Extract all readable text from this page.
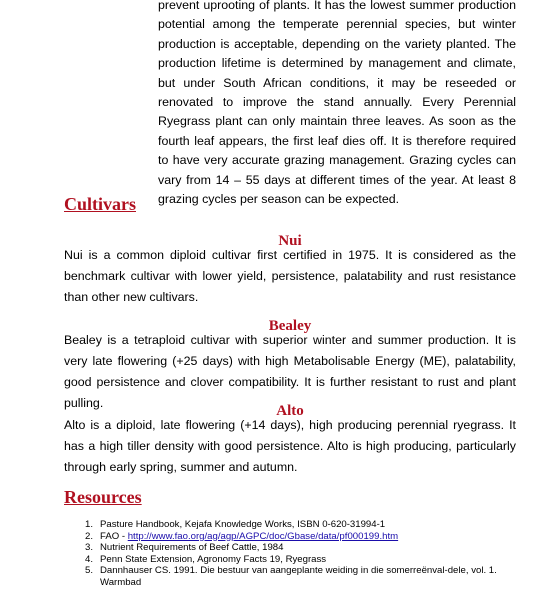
prevent uprooting of plants. It has the lowest summer production potential among the temperate perennial species, but winter production is acceptable, depending on the variety planted. The production lifetime is determined by management and climate, but under South African conditions, it may be reseeded or renovated to improve the stand annually. Every Perennial Ryegrass plant can only maintain three leaves. As soon as the fourth leaf appears, the first leaf dies off. It is therefore required to have very accurate grazing management. Grazing cycles can vary from 14 – 55 days at different times of the year. At least 8 grazing cycles per season can be expected.

Cultivars
Nui

Nui is a common diploid cultivar first certified in 1975. It is considered as the benchmark cultivar with lower yield, persistence, palatability and rust resistance than other new cultivars.

Bealey

Bealey is a tetraploid cultivar with superior winter and summer production. It is very late flowering (+25 days) with high Metabolisable Energy (ME), palatability, good persistence and clover compatibility. It is further resistant to rust and plant pulling.	Alto

Alto is a diploid, late flowering (+14 days), high producing perennial ryegrass. It has a high tiller density with good persistence. Alto is high producing, particularly through early spring, summer and autumn.

Resources
1. Pasture Handbook, Kejafa Knowledge Works, ISBN 0-620-31994-1
2. FAO - http://www.fao.org/ag/agp/AGPC/doc/Gbase/data/pf000199.htm
3. Nutrient Requirements of Beef Cattle, 1984
4. Penn State Extension, Agronomy Facts 19, Ryegrass
5. Dannhauser CS. 1991. Die bestuur van aangeplante weiding in die somerreënval-dele, vol. 1. Warmbad
